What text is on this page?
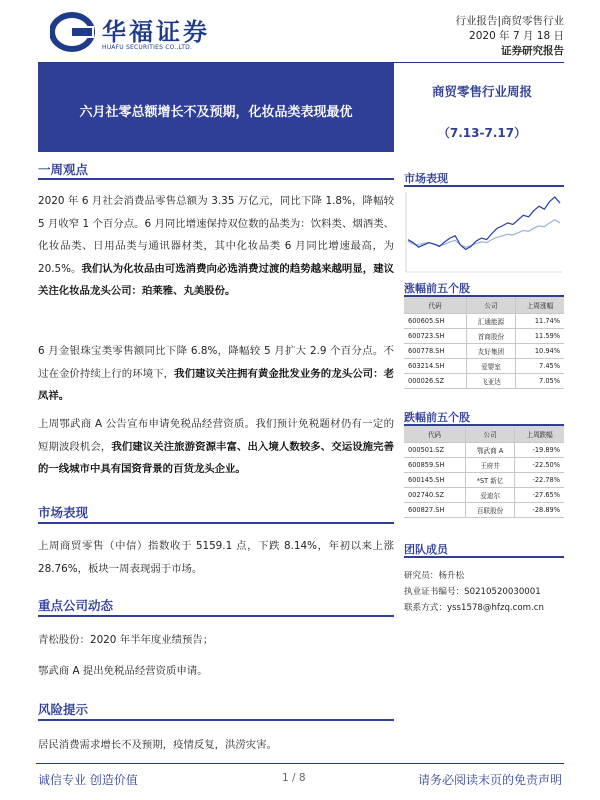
华福证券
HUAFU SECURITIES CO.,LTD.
行业报告|商贸零售行业
2020 年 7 月 18 日
证券研究报告
六月社零总额增长不及预期，化妆品类表现最优
商贸零售行业周报
（7.13-7.17）
一周观点
2020 年 6 月社会消费品零售总额为 3.35 万亿元，同比下降 1.8%，降幅较 5 月收窄 1 个百分点。6 月同比增速保持双位数的品类为：饮料类、烟酒类、化妆品类、日用品类与通讯器材类，其中化妆品类 6 月同比增速最高，为 20.5%。我们认为化妆品由可选消费向必选消费过渡的趋势越来越明显，建议关注化妆品龙头公司：珀莱雅、丸美股份。
6 月金银珠宝类零售额同比下降 6.8%，降幅较 5 月扩大 2.9 个百分点。不过在金价持续上行的环境下，我们建议关注拥有黄金批发业务的龙头公司：老凤祥。
上周鄂武商 A 公告宣布申请免税品经营资质。我们预计免税题材仍有一定的短期波段机会，我们建议关注旅游资源丰富、出入境人数较多、交运设施完善的一线城市中具有国资背景的百货龙头企业。
市场表现
上周商贸零售（中信）指数收于 5159.1 点，下跌 8.14%，年初以来上涨 28.76%，板块一周表现弱于市场。
重点公司动态
青松股份：2020 年半年度业绩预告；
鄂武商 A 提出免税品经营资质申请。
风险提示
居民消费需求增长不及预期，疫情反复，洪涝灾害。
市场表现
涨幅前五个股
代码	公司	上周涨幅
600605.SH	汇通能源	11.74%
600723.SH	首商股份	11.59%
600778.SH	友好集团	10.94%
603214.SH	爱婴室	7.45%
000026.SZ	飞亚达	7.05%
跌幅前五个股
代码	公司	上周跌幅
000501.SZ	鄂武商 A	-19.89%
600859.SH	王府井	-22.50%
600145.SH	*ST 新亿	-22.78%
002740.SZ	爱迪尔	-27.65%
600827.SH	百联股份	-28.89%
团队成员
研究员：杨升松
执业证书编号：S0210520030001
联系方式：yss1578@hfzq.com.cn
诚信专业 创造价值	1 / 8	请务必阅读末页的免责声明
